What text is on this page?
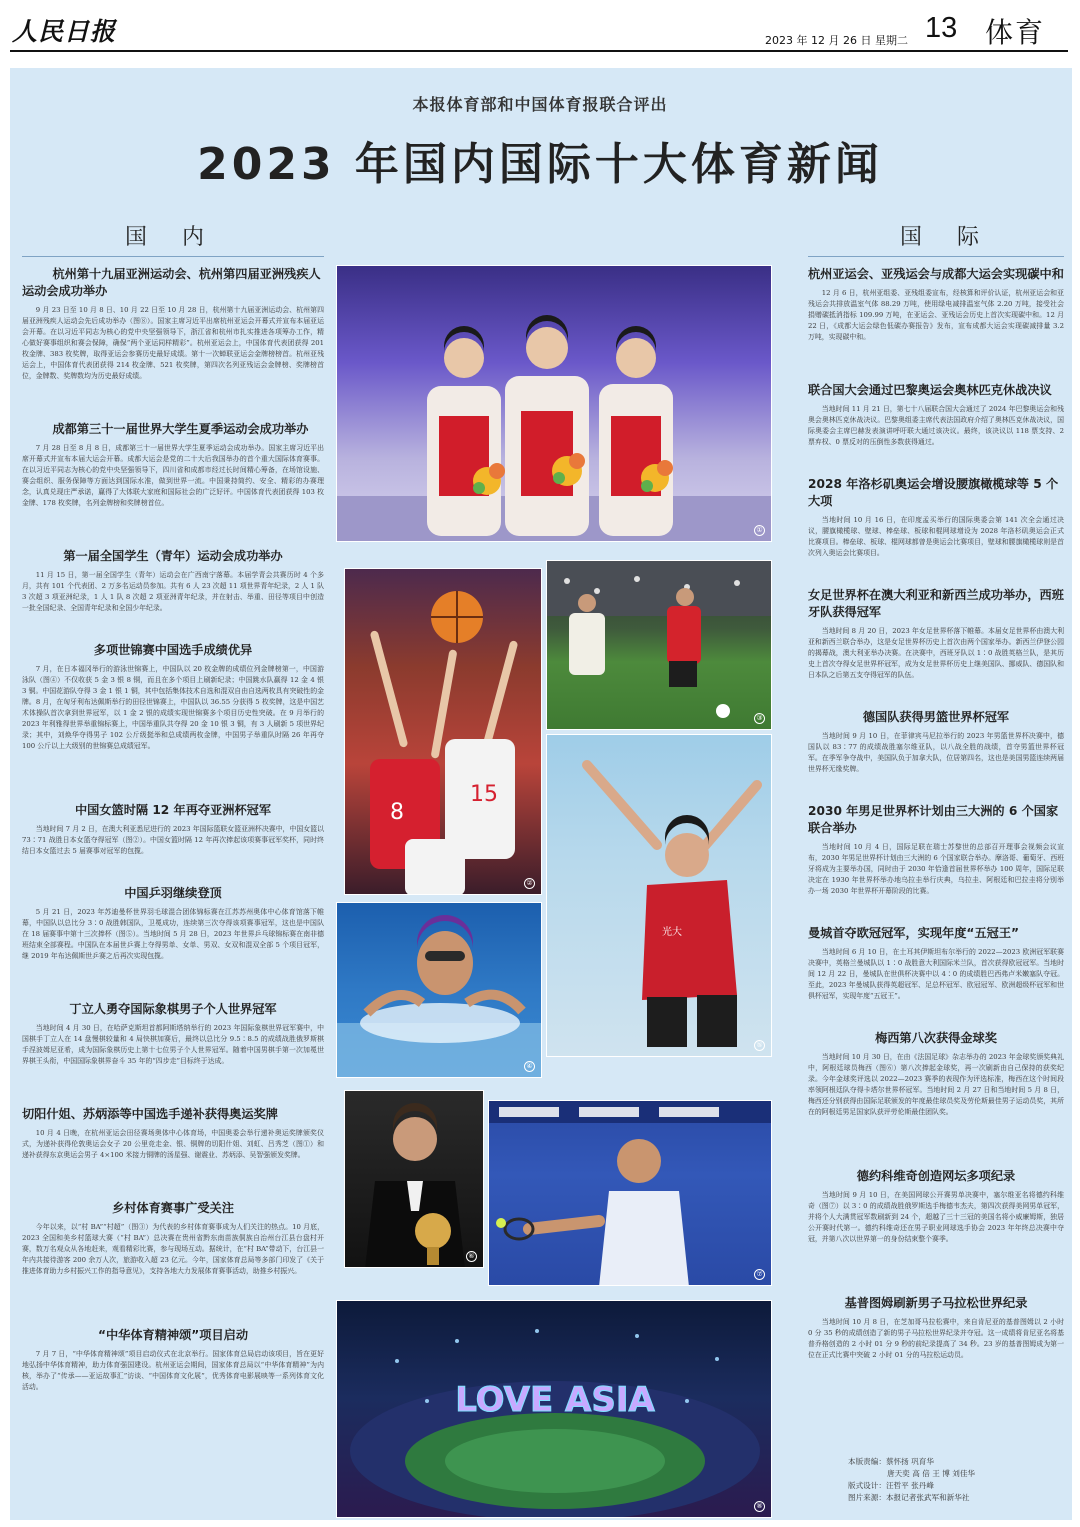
人民日报	2023 年 12 月 26 日 星期二 13 体育
本报体育部和中国体育报联合评出
2023 年国内国际十大体育新闻
国 内	国 际
杭州第十九届亚洲运动会、杭州第四届亚洲残疾人运动会成功举办

9 月 23 日至 10 月 8 日、10 月 22 日至 10 月 28 日，杭州第十九届亚洲运动会、杭州第四届亚洲残疾人运动会先后成功举办（图⑧）。国家主席习近平出席杭州亚运会开幕式并宣布本届亚运会开幕。在以习近平同志为核心的党中央坚强领导下，浙江省和杭州市扎实推进各项筹办工作，精心做好赛事组织和赛会保障，确保“两个亚运同样精彩”。杭州亚运会上，中国体育代表团获得 201 枚金牌、383 枚奖牌，取得亚运会参赛历史最好成绩。第十一次蝉联亚运会金牌榜榜首。杭州亚残运会上，中国体育代表团获得 214 枚金牌、521 枚奖牌，第四次名列亚残运会金牌榜、奖牌榜首位，金牌数、奖牌数均为历史最好成绩。

成都第三十一届世界大学生夏季运动会成功举办

7 月 28 日至 8 月 8 日，成都第三十一届世界大学生夏季运动会成功举办。国家主席习近平出席开幕式并宣布本届大运会开幕。成都大运会是党的二十大后我国举办的首个重大国际体育赛事。在以习近平同志为核心的党中央坚强领导下，四川省和成都市经过长时间精心筹备，在场馆设施、赛会组织、服务保障等方面达到国际水准，做到世界一流。中国秉持简约、安全、精彩的办赛理念，认真兑现庄严承诺，赢得了大体联大家庭和国际社会的广泛好评。中国体育代表团获得 103 枚金牌、178 枚奖牌，名列金牌榜和奖牌榜首位。

第一届全国学生（青年）运动会成功举办

11 月 15 日，第一届全国学生（青年）运动会在广西南宁落幕。本届学青会共赛历时 4 个多月，共有 101 个代表团、2 万多名运动员参加。共有 6 人 23 次超 11 项世界青年纪录，2 人 1 队 3 次超 3 项亚洲纪录，1 人 1 队 8 次超 2 项亚洲青年纪录，并在射击、举重、田径等项目中创造一批全国纪录、全国青年纪录和全国少年纪录。

多项世锦赛中国选手成绩优异

7 月，在日本福冈举行的游泳世锦赛上，中国队以 20 枚金牌的成绩位列金牌榜第一，中国游泳队（图④）不仅收获 5 金 3 银 8 铜，而且在多个项目上刷新纪录；中国跳水队赢得 12 金 4 银 3 铜。中国花游队夺得 3 金 1 银 1 铜，其中包括集体技术自选和混双自由自选两枚具有突破性的金牌。8 月，在匈牙利布达佩斯举行的田径世锦赛上，中国队以 36.55 分获得 5 枚奖牌，这是中国艺术体操队首次拿到世界冠军，以 1 金 2 银的成绩实现世锦赛多个项目历史性突破。在 9 月举行的 2023 年利雅得世界举重锦标赛上，中国举重队共夺得 20 金 10 银 3 铜，有 3 人刷新 5 项世界纪录；其中，刘焕华夺得男子 102 公斤级挺举和总成绩两枚金牌，中国男子举重队时隔 26 年再夺 100 公斤以上大级别的世锦赛总成绩冠军。

中国女篮时隔 12 年再夺亚洲杯冠军

当地时间 7 月 2 日，在澳大利亚悉尼进行的 2023 年国际篮联女篮亚洲杯决赛中，中国女篮以 73∶71 战胜日本女篮夺得冠军（图②）。中国女篮时隔 12 年再次捧起该项赛事冠军奖杯，同时终结日本女篮过去 5 届赛事对冠军的包揽。

中国乒羽继续登顶

5 月 21 日，2023 年苏迪曼杯世界羽毛球混合团体锦标赛在江苏苏州奥体中心体育馆落下帷幕，中国队以总比分 3∶0 战胜韩国队，卫冕成功，连续第三次夺得该项赛事冠军，这也是中国队在 18 届赛事中第十三次捧杯（图⑤）。当地时间 5 月 28 日，2023 年世界乒乓球锦标赛在南非德班结束全部赛程。中国队在本届世乒赛上夺得男单、女单、男双、女双和混双全部 5 个项目冠军，继 2019 年布达佩斯世乒赛之后再次实现包揽。

丁立人勇夺国际象棋男子个人世界冠军

当地时间 4 月 30 日，在哈萨克斯坦首都阿斯塔纳举行的 2023 年国际象棋世界冠军赛中，中国棋手丁立人在 14 盘慢棋较量和 4 局快棋加赛后，最终以总比分 9.5∶8.5 的成绩战胜俄罗斯棋手涅波姆尼亚希，成为国际象棋历史上第十七位男子个人世界冠军。随着中国男棋手第一次加冕世界棋王头衔，中国国际象棋界奋斗 35 年的“四步走”目标终于达成。

切阳什姐、苏炳添等中国选手递补获得奥运奖牌

10 月 4 日晚，在杭州亚运会田径赛场奥体中心体育场，中国奥委会举行递补奥运奖牌颁奖仪式，为递补获得伦敦奥运会女子 20 公里竞走金、银、铜牌的切阳什姐、刘虹、吕秀芝（图①）和递补获得东京奥运会男子 4×100 米接力铜牌的汤星强、谢震业、苏炳添、吴智强颁发奖牌。

乡村体育赛事广受关注

今年以来，以“村 BA”“村超”（图③）为代表的乡村体育赛事成为人们关注的热点。10 月底，2023 全国和美乡村篮球大赛（“村 BA”）总决赛在贵州省黔东南苗族侗族自治州台江县台盘村开赛，数万名观众从各地赶来，观看精彩比赛，参与现场互动。据统计，在“村 BA”带动下，台江县一年内共接待游客 200 余万人次，旅游收入超 23 亿元。今年，国家体育总局等多部门印发了《关于推进体育助力乡村振兴工作的指导意见》，支持各地大力发展体育赛事活动，助推乡村振兴。

“中华体育精神颂”项目启动

7 月 7 日，“中华体育精神颂”项目启动仪式在北京举行。国家体育总局启动该项目，旨在更好地弘扬中华体育精神，助力体育强国建设。杭州亚运会期间，国家体育总局以“中华体育精神”为内核，举办了“传承——亚运故事汇”访谈、“中国体育文化展”，优秀体育电影展映等一系列体育文化活动。

杭州亚运会、亚残运会与成都大运会实现碳中和

12 月 6 日，杭州亚组委、亚残组委宣布，经核算和评价认证，杭州亚运会和亚残运会共排放温室气体 88.29 万吨，使用绿电减排温室气体 2.20 万吨，接受社会捐赠碳抵消指标 109.99 万吨，在亚运会、亚残运会历史上首次实现碳中和。12 月 22 日，《成都大运会绿色低碳办赛报告》发布，宣布成都大运会实现碳减排量 3.2 万吨，实现碳中和。

联合国大会通过巴黎奥运会奥林匹克休战决议

当地时间 11 月 21 日，第七十八届联合国大会通过了 2024 年巴黎奥运会和残奥会奥林匹克休战决议。巴黎奥组委主席代表法国政府介绍了奥林匹克休战决议，国际奥委会主席巴赫发表演讲呼吁联大通过该决议。最终，该决议以 118 票支持、2 票弃权、0 票反对的压倒性多数获得通过。

2028 年洛杉矶奥运会增设腰旗橄榄球等 5 个大项

当地时间 10 月 16 日，在印度孟买举行的国际奥委会第 141 次全会通过决议，腰旗橄榄球、壁球、棒垒球、板球和棍网球增设为 2028 年洛杉矶奥运会正式比赛项目。棒垒球、板球、棍网球都曾是奥运会比赛项目，壁球和腰旗橄榄球则是首次列入奥运会比赛项目。

女足世界杯在澳大利亚和新西兰成功举办，西班牙队获得冠军

当地时间 8 月 20 日，2023 年女足世界杯落下帷幕。本届女足世界杯由澳大利亚和新西兰联合举办，这是女足世界杯历史上首次由两个国家举办。新西兰伊登公园的揭幕战，澳大利亚举办决赛。在决赛中，西班牙队以 1∶0 战胜英格兰队，是其历史上首次夺得女足世界杯冠军，成为女足世界杯历史上继美国队、挪威队、德国队和日本队之后第五支夺得冠军的队伍。

德国队获得男篮世界杯冠军

当地时间 9 月 10 日，在菲律宾马尼拉举行的 2023 年男篮世界杯决赛中，德国队以 83∶77 的成绩战胜塞尔维亚队，以八战全胜的战绩，首夺男篮世界杯冠军。在季军争夺战中，美国队负于加拿大队，位居第四名，这也是美国男篮连续两届世界杯无缘奖牌。

2030 年男足世界杯计划由三大洲的 6 个国家联合举办

当地时间 10 月 4 日，国际足联在瑞士苏黎世的总部召开理事会视频会议宣布，2030 年男足世界杯计划由三大洲的 6 个国家联合举办。摩洛哥、葡萄牙、西班牙将成为主要举办国，同时由于 2030 年恰逢首届世界杯举办 100 周年，国际足联决定在 1930 年世界杯举办地乌拉圭举行庆典，乌拉圭、阿根廷和巴拉圭将分别举办一场 2030 年世界杯开幕阶段的比赛。

曼城首夺欧冠冠军，实现年度“五冠王”

当地时间 6 月 10 日，在土耳其伊斯坦布尔举行的 2022—2023 欧洲冠军联赛决赛中，英格兰曼城队以 1∶0 战胜意大利国际米兰队，首次获得欧冠冠军。当地时间 12 月 22 日，曼城队在世俱杯决赛中以 4∶0 的成绩胜巴西弗卢米嫩塞队夺冠。至此，2023 年曼城队获得英超冠军、足总杯冠军、欧冠冠军、欧洲超级杯冠军和世俱杯冠军，实现年度“五冠王”。

梅西第八次获得金球奖

当地时间 10 月 30 日，在由《法国足球》杂志举办的 2023 年金球奖颁奖典礼中，阿根廷球员梅西（图⑥）第八次捧起金球奖，再一次刷新由自己保持的获奖纪录。今年金球奖评选以 2022—2023 赛季的表现作为评选标准，梅西在这个时间段率领阿根廷队夺得卡塔尔世界杯冠军。当地时间 2 月 27 日和当地时间 5 月 8 日，梅西还分别获得由国际足联颁发的年度最佳球员奖及劳伦斯最佳男子运动员奖，其所在的阿根廷男足国家队获评劳伦斯最佳团队奖。

德约科维奇创造网坛多项纪录

当地时间 9 月 10 日，在美国网球公开赛男单决赛中，塞尔维亚名将德约科维奇（图⑦）以 3∶0 的成绩战胜俄罗斯选手梅德韦杰夫，第四次获得美网男单冠军，并将个人大满贯冠军数刷新到 24 个，超越了三十三冠的美国名将小威廉姆斯，独居公开赛时代第一。德约科维奇还在男子职业网球选手协会 2023 年年终总决赛中夺冠，并第八次以世界第一的身份结束整个赛季。

基普图姆刷新男子马拉松世界纪录

当地时间 10 月 8 日，在芝加哥马拉松赛中，来自肯尼亚的基普图姆以 2 小时 0 分 35 秒的成绩创造了新的男子马拉松世界纪录并夺冠。这一成绩将肯尼亚名将基普乔格创造的 2 小时 01 分 9 秒的前纪录提高了 34 秒。23 岁的基普图姆成为第一位在正式比赛中突破 2 小时 01 分的马拉松运动员。

①
15
8
②
③
光大
⑤
④
⑥
⑦
LOVE ASIA
⑧
本版责编：蔡怀扬 巩育华
唐天奕 高 倍 王 博 刘佳华
版式设计：汪哲平 张丹峰
图片来源：本报记者张武军和新华社
